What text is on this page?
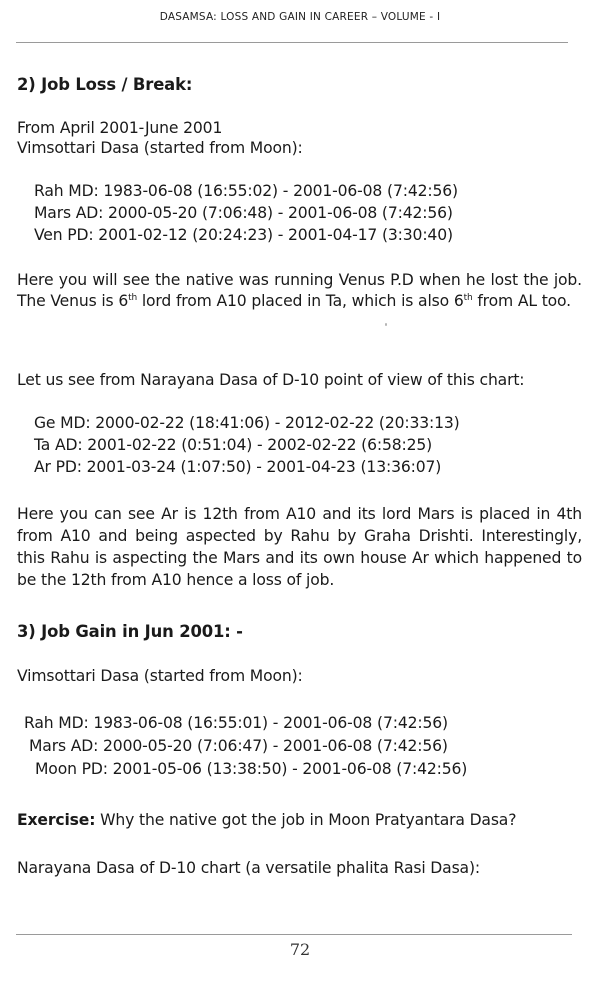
DASAMSA: LOSS AND GAIN IN CAREER – VOLUME - I
2) Job Loss / Break:
From April 2001-June 2001
Vimsottari Dasa (started from Moon):
Rah MD: 1983-06-08 (16:55:02) - 2001-06-08 (7:42:56)
Mars AD: 2000-05-20 (7:06:48) - 2001-06-08 (7:42:56)
Ven PD: 2001-02-12 (20:24:23) - 2001-04-17 (3:30:40)
Here you will see the native was running Venus P.D when he lost the job. The Venus is 6th lord from A10 placed in Ta, which is also 6th from AL too.
Let us see from Narayana Dasa of D-10 point of view of this chart:
Ge MD: 2000-02-22 (18:41:06) - 2012-02-22 (20:33:13)
Ta AD: 2001-02-22 (0:51:04) - 2002-02-22 (6:58:25)
Ar PD: 2001-03-24 (1:07:50) - 2001-04-23 (13:36:07)
Here you can see Ar is 12th from A10 and its lord Mars is placed in 4th from A10 and being aspected by Rahu by Graha Drishti. Interestingly, this Rahu is aspecting the Mars and its own house Ar which happened to be the 12th from A10 hence a loss of job.
3) Job Gain in Jun 2001: -
Vimsottari Dasa (started from Moon):
Rah MD: 1983-06-08 (16:55:01) - 2001-06-08 (7:42:56)
Mars AD: 2000-05-20 (7:06:47) - 2001-06-08 (7:42:56)
Moon PD: 2001-05-06 (13:38:50) - 2001-06-08 (7:42:56)
Exercise: Why the native got the job in Moon Pratyantara Dasa?
Narayana Dasa of D-10 chart (a versatile phalita Rasi Dasa):
72
